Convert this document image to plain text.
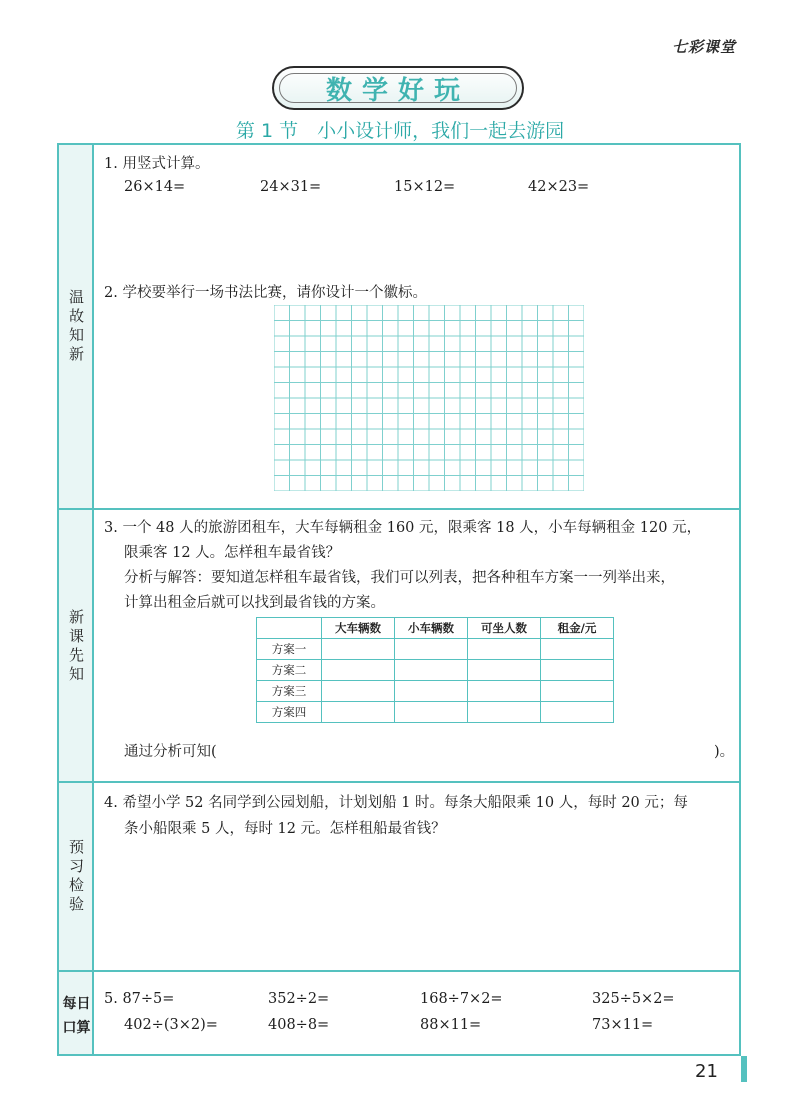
七彩课堂
数学好玩
第 1 节　小小设计师，我们一起去游园
温故知新
新课先知
预习检验
每日口算
1. 用竖式计算。
26×14=	24×31=	15×12=	42×23=
2. 学校要举行一场书法比赛，请你设计一个徽标。
3. 一个 48 人的旅游团租车，大车每辆租金 160 元，限乘客 18 人，小车每辆租金 120 元，
限乘客 12 人。怎样租车最省钱？
分析与解答：要知道怎样租车最省钱，我们可以列表，把各种租车方案一一列举出来，
计算出租金后就可以找到最省钱的方案。
	大车辆数	小车辆数	可坐人数	租金/元
方案一				
方案二				
方案三				
方案四				
通过分析可知(	)。
4. 希望小学 52 名同学到公园划船，计划划船 1 时。每条大船限乘 10 人，每时 20 元；每
条小船限乘 5 人，每时 12 元。怎样租船最省钱？
5. 87÷5=	352÷2=	168÷7×2=	325÷5×2=
402÷(3×2)=	408÷8=	88×11=	73×11=
21
